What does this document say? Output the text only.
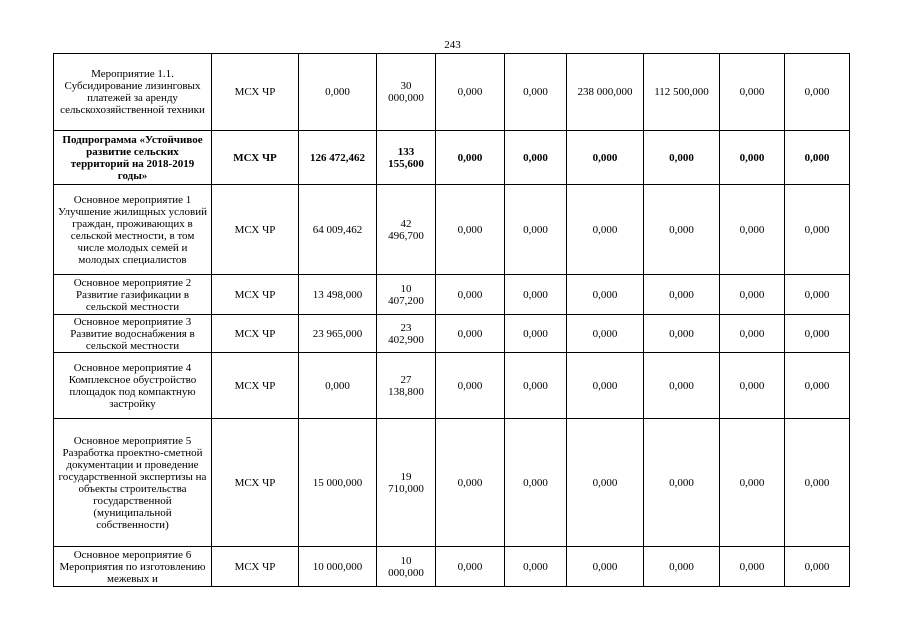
243
Мероприятие 1.1. Субсидирование лизинговых платежей за аренду сельскохозяйственной техники	МСХ ЧР	0,000	30 000,000	0,000	0,000	238 000,000	112 500,000	0,000	0,000
Подпрограмма «Устойчивое развитие сельских территорий на 2018-2019 годы»	МСХ ЧР	126 472,462	133 155,600	0,000	0,000	0,000	0,000	0,000	0,000
Основное мероприятие 1 Улучшение жилищных условий граждан, проживающих в сельской местности, в том числе молодых семей и молодых специалистов	МСХ ЧР	64 009,462	42 496,700	0,000	0,000	0,000	0,000	0,000	0,000
Основное мероприятие 2 Развитие газификации в сельской местности	МСХ ЧР	13 498,000	10 407,200	0,000	0,000	0,000	0,000	0,000	0,000
Основное мероприятие 3 Развитие водоснабжения в сельской местности	МСХ ЧР	23 965,000	23 402,900	0,000	0,000	0,000	0,000	0,000	0,000
Основное мероприятие 4 Комплексное обустройство площадок под компактную застройку	МСХ ЧР	0,000	27 138,800	0,000	0,000	0,000	0,000	0,000	0,000
Основное мероприятие 5 Разработка проектно-сметной документации и проведение государственной экспертизы на объекты строительства государственной (муниципальной собственности)	МСХ ЧР	15 000,000	19 710,000	0,000	0,000	0,000	0,000	0,000	0,000
Основное мероприятие 6 Мероприятия по изготовлению межевых и	МСХ ЧР	10 000,000	10 000,000	0,000	0,000	0,000	0,000	0,000	0,000
